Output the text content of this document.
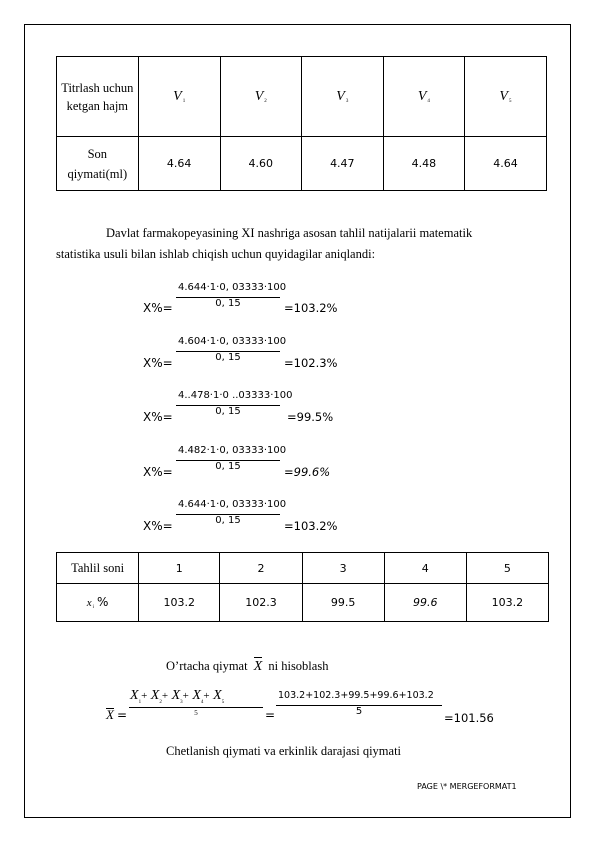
Titrlash uchun ketgan hajm	$V_1$	$V_2$	$V_3$	$V_4$	$V_5$
Son qiymati(ml)	4.64	4.60	4.47	4.48	4.64
Davlat farmakopeyasining XI nashriga asosan tahlil natijalarii matematik
statistika usuli bilan ishlab chiqish uchun quyidagilar aniqlandi:
X%=
4.644·1·0, 03333·100
0, 15	=103.2%
X%=
4.604·1·0, 03333·100
0, 15	=102.3%
X%=
4..478·1·0 ..03333·100
0, 15	=99.5%
X%=
4.482·1·0, 03333·100
0, 15	=99.6%
X%=
4.644·1·0, 03333·100
0, 15	=103.2%
Tahlil soni	1	2	3	4	5
$x_i$ %	103.2	102.3	99.5	99.6	103.2
O’rtacha qiymat X ni hisoblash
X =
$X_1+ X_2+ X_3+ X_4+ X_5$
5	=
103.2+102.3+99.5+99.6+103.2
5	=101.56
Chetlanish qiymati va erkinlik darajasi qiymati
PAGE \* MERGEFORMAT1
